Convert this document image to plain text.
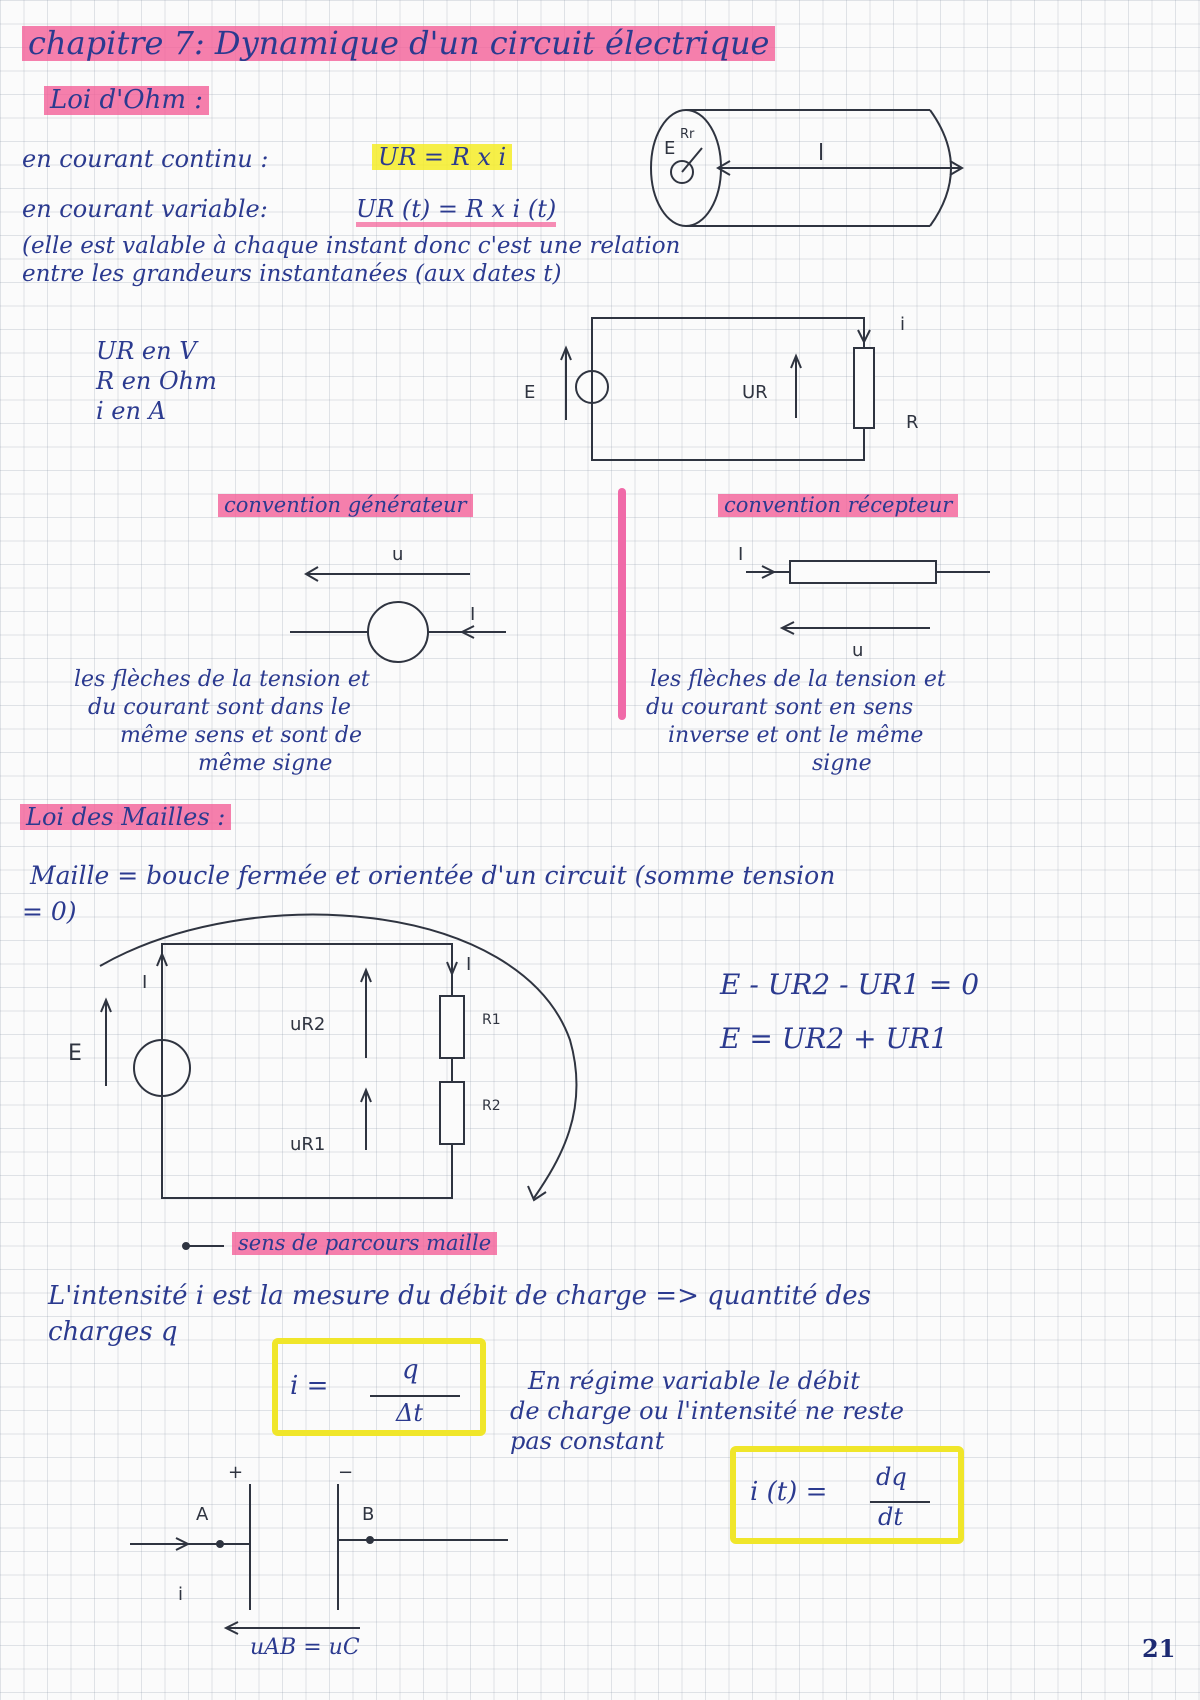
E
Rr
l
E	UR
R
i
u
I
I
u
E
I
I
uR2
uR1
R1
R2
+	−
A	B
i
chapitre 7: Dynamique d'un circuit électrique
Loi d'Ohm :
en courant continu :	UR = R x i
en courant variable:	UR (t) = R x i (t)
(elle est valable à chaque instant donc c'est une relation
entre les grandeurs instantanées (aux dates t)
UR en V
R en Ohm
i en A
convention générateur	convention récepteur
les flèches de la tension et
du courant sont dans le
même sens et sont de
même signe
les flèches de la tension et
du courant sont en sens
inverse et ont le même
signe
Loi des Mailles :
Maille = boucle fermée et orientée d'un circuit (somme tension
= 0)
E - UR2 - UR1 = 0
E = UR2 + UR1
sens de parcours maille
L'intensité i est la mesure du débit de charge => quantité des
charges q
i =
q
Δt
En régime variable le débit
de charge ou l'intensité ne reste
pas constant
i (t) = dq
dt
uAB = uC	21
